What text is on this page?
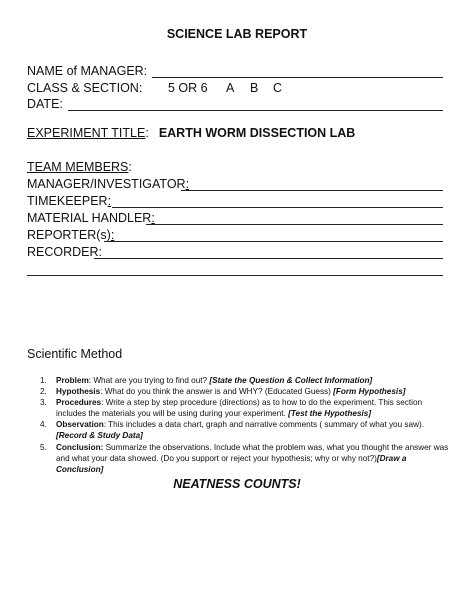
SCIENCE LAB REPORT
NAME of MANAGER:
CLASS & SECTION: 5 OR 6 A B C
DATE:
EXPERIMENT TITLE: EARTH WORM DISSECTION LAB
TEAM MEMBERS:
MANAGER/INVESTIGATOR:
TIMEKEEPER:
MATERIAL HANDLER:
REPORTER(s):
RECORDER:
Scientific Method
1. Problem: What are you trying to find out? [State the Question & Collect Information]
2. Hypothesis: What do you think the answer is and WHY? (Educated Guess) [Form Hypothesis]
3. Procedures: Write a step by step procedure (directions) as to how to do the experiment. This section includes the materials you will be using during your experiment. [Test the Hypothesis]
4. Observation: This includes a data chart, graph and narrative comments ( summary of what you saw). [Record & Study Data]
5. Conclusion: Summarize the observations. Include what the problem was, what you thought the answer was and what your data showed. (Do you support or reject your hypothesis; why or why not?)[Draw a Conclusion]
NEATNESS COUNTS!
